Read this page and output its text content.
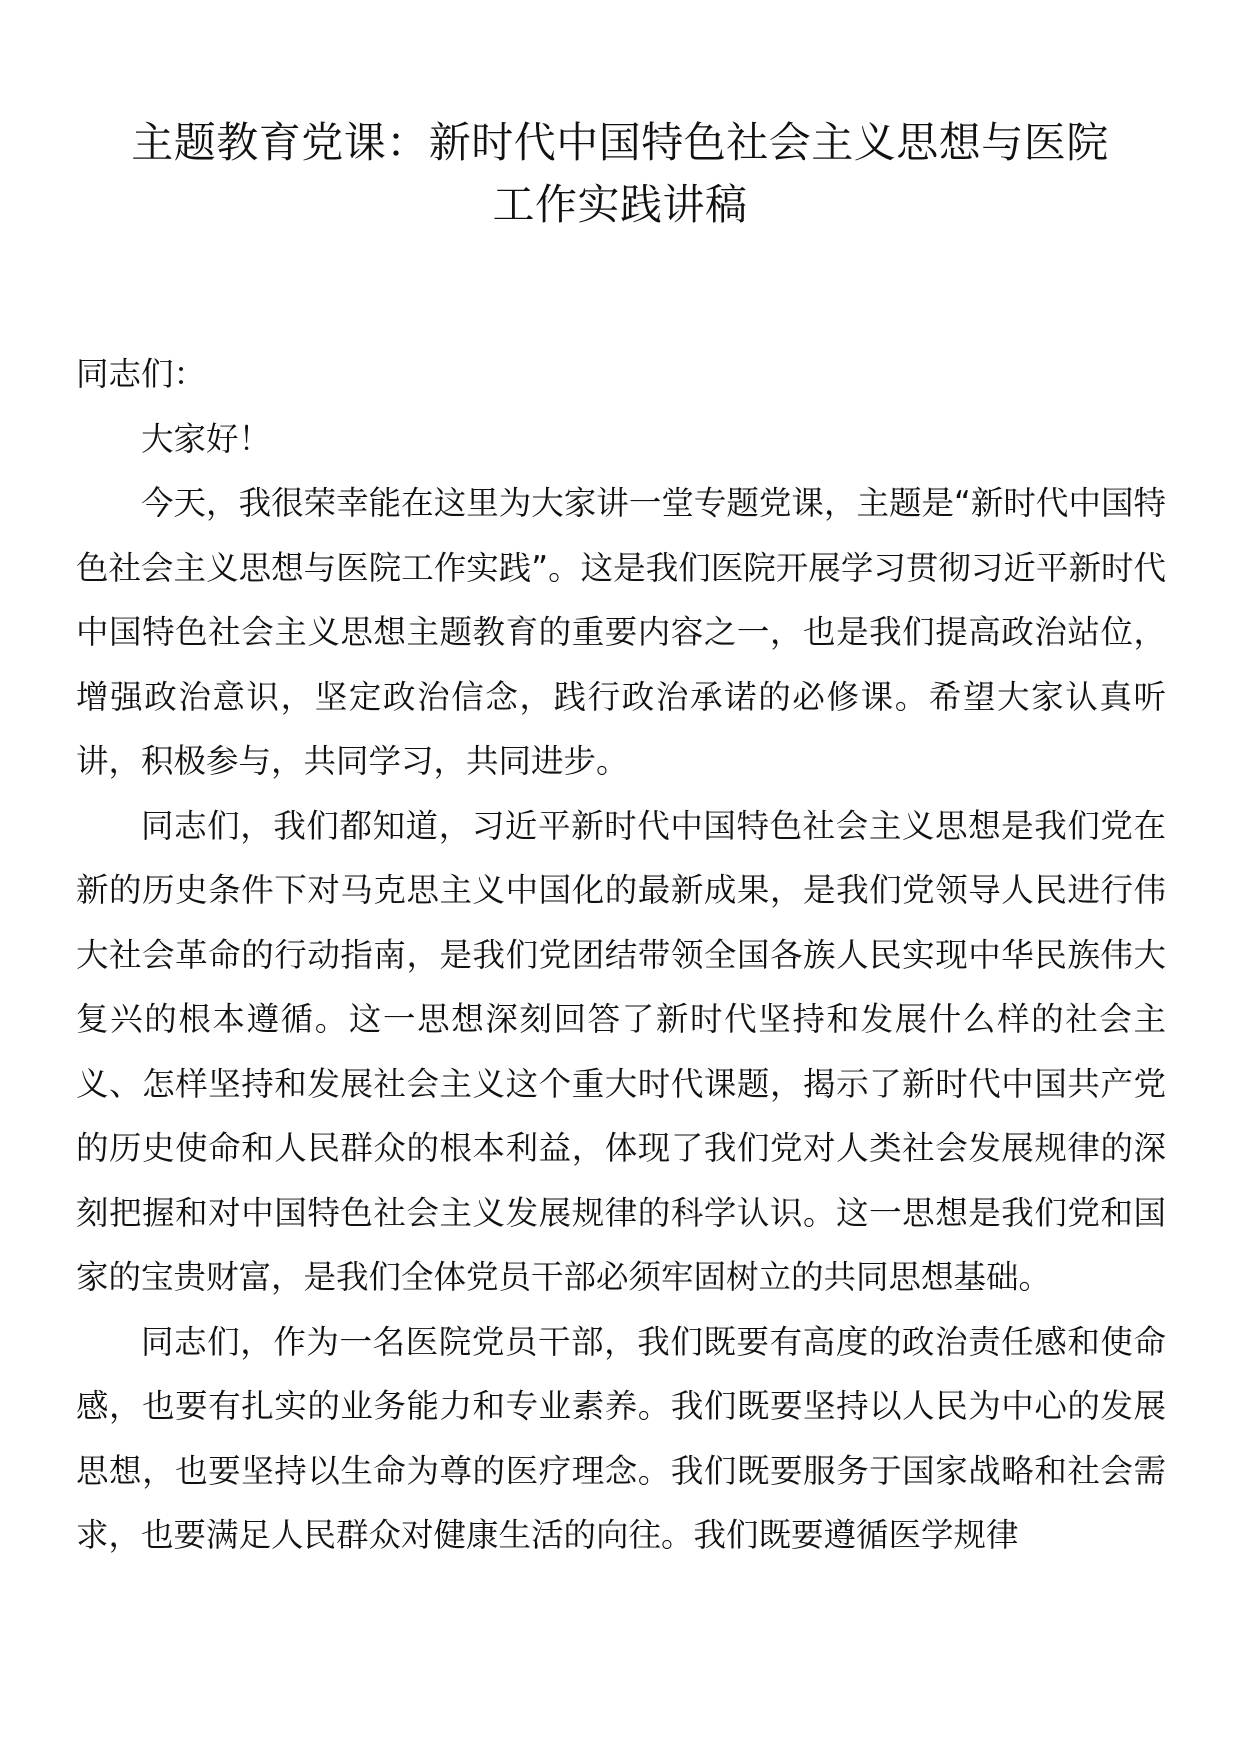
主题教育党课：新时代中国特色社会主义思想与医院
工作实践讲稿

同志们：

大家好！

今天，我很荣幸能在这里为大家讲一堂专题党课，主题是“新时代中国特色社会主义思想与医院工作实践”。这是我们医院开展学习贯彻习近平新时代中国特色社会主义思想主题教育的重要内容之一，也是我们提高政治站位，增强政治意识，坚定政治信念，践行政治承诺的必修课。希望大家认真听讲，积极参与，共同学习，共同进步。

同志们，我们都知道，习近平新时代中国特色社会主义思想是我们党在新的历史条件下对马克思主义中国化的最新成果，是我们党领导人民进行伟大社会革命的行动指南，是我们党团结带领全国各族人民实现中华民族伟大复兴的根本遵循。这一思想深刻回答了新时代坚持和发展什么样的社会主义、怎样坚持和发展社会主义这个重大时代课题，揭示了新时代中国共产党的历史使命和人民群众的根本利益，体现了我们党对人类社会发展规律的深刻把握和对中国特色社会主义发展规律的科学认识。这一思想是我们党和国家的宝贵财富，是我们全体党员干部必须牢固树立的共同思想基础。

同志们，作为一名医院党员干部，我们既要有高度的政治责任感和使命感，也要有扎实的业务能力和专业素养。我们既要坚持以人民为中心的发展思想，也要坚持以生命为尊的医疗理念。我们既要服务于国家战略和社会需求，也要满足人民群众对健康生活的向往。我们既要遵循医学规律
